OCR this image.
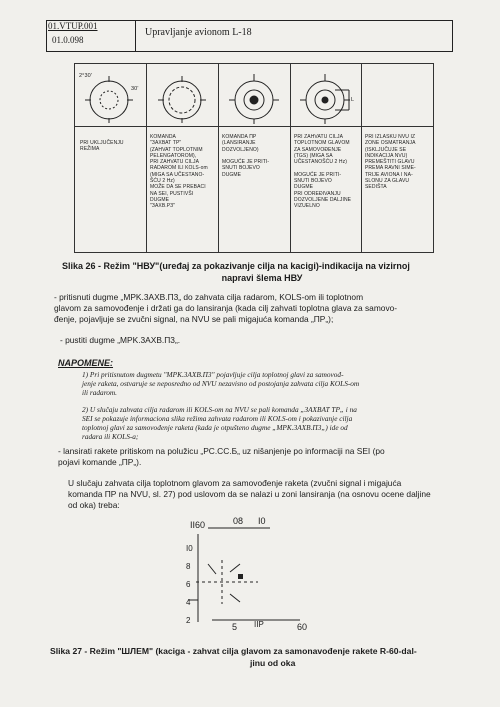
01.VTUP.001
01.0.098
Upravljanje avionom L-18
2°30'
30'
L
PRI UKLJUČENJU
REŽIMA
KOMANDA
"ЗАХВАТ ТР"
(ZAHVAT TOPLOTNIM
PELENGATOROM),
PRI ZAHVATU CILJA
RADAROM ILI KOLS-om
(MIGA SA UČESTANO-
ŠĆU 2 Hz)
MOŽE DA SE PREBACI
NA SEI, PUSTIVŠI
DUGME
"ЗАХВ.РЗ"
KOMANDA ПР
(LANSIRANJE
DOZVOLJENO)

MOGUĆE JE PRITI-
SNUTI BOJEVO
DUGME
PRI ZAHVATU CILJA
TOPLOTNOM GLAVOM
ZA SAMOVOĐENJE
(TGS) (MIGA SA
UČESTANOŠĆU 2 Hz)

MOGUĆE JE PRITI-
SNUTI BOJEVO
DUGME
PRI ODREĐIVANJU
DOZVOLJENE DALJINE
VIZUELNO
PRI IZLASKU NVU IZ
ZONE OSMATRANJA
(ISKLJUČUJE SE
INDIKACIJA NVU)
PREMEŠTITI GLAVU
PREMA RAVNI SIME-
TRIJE AVIONA I NA-
SLONU ZA GLAVU
SEDIŠTA
Slika 26 - Režim "НВУ"(uređaj za pokazivanje cilja na kacigi)-indikacija na vizirnoj
napravi šlema НВУ
- pritisnuti dugme „MPK.3AXB.П3„ do zahvata cilja radarom, KOLS-om ili toplotnom
glavom za samovođenje i držati ga do lansiranja (kada cilj zahvati toplotna glava za samovo-
đenje, pojavljuje se zvučni signal, na NVU se pali migajuća komanda „ПР„);
- pustiti dugme „MPK.3AXB.П3„.
NAPOMENE:
1) Pri pritisnutom dugmetu "MPK.3AXB.П3" pojavljuje cilja toplotnoj glavi za samovođ-
jenje raketa, ostvaruje se neposredno od NVU nezavisno od postojanja zahvata cilja KOLS-om
ili radarom.
2) U slučaju zahvata cilja radarom ili KOLS-om na NVU se pali komanda „ЗAXBAT TP„ i na
SEI se pokazuje informaciona slika režima zahvata radarom ili KOLS-om i pokazivanje cilja
toplotnoj glavi za samovođenje raketa (kada je otpušteno dugme „MPK.3AXB.П3„) ide od
radara ili KOLS-a;
- lansirati rakete pritiskom na polužicu „PC.CC.Б„ uz nišanjenje po informaciji na SEI (po
pojavi komande „ПР„).
U slučaju zahvata cilja toplotnom glavom za samovođenje raketa (zvučni signal i migajuća
komanda ПР na NVU, sl. 27) pod uslovom da se nalazi u zoni lansiranja (na osnovu ocene daljine
od oka) treba:
II60	08 I0
I0
8
6
4
2
5 IIP	60
Slika 27 - Režim "ШЛЕМ" (kaciga - zahvat cilja glavom za samonavođenje rakete R-60-dal-
jinu od oka
